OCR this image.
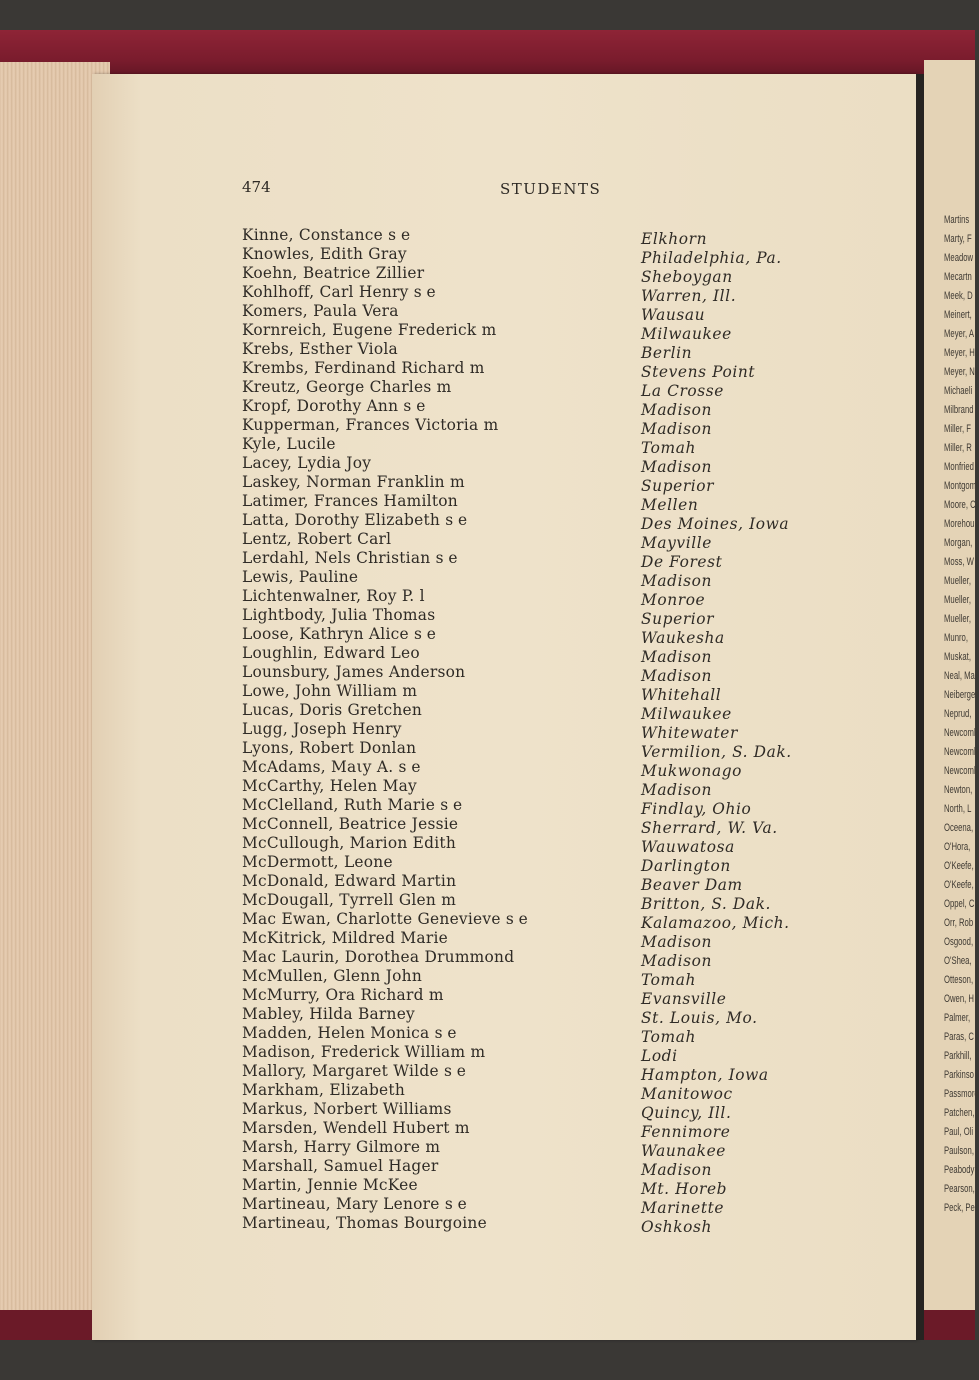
Martins
Marty, F
Meadow
Mecartn
Meek, D
Meinert,
Meyer, A
Meyer, H
Meyer, N
Michaeli
Milbrand
Miller, F
Miller, R
Monfried
Montgom
Moore, C
Morehou
Morgan,
Moss, W
Mueller,
Mueller,
Mueller,
Munro,
Muskat,
Neal, Ma
Neiberger
Neprud,
Newcomb
Newcomb
Newcomb
Newton,
North, L
Oceena,
O'Hora,
O'Keefe,
O'Keefe,
Oppel, C
Orr, Rob
Osgood,
O'Shea,
Otteson,
Owen, H
Palmer,
Paras, C
Parkhill,
Parkinso
Passmore
Patchen,
Paul, Oli
Paulson,
Peabody
Pearson,
Peck, Pe
474	STUDENTS
Kinne, Constance s e
Knowles, Edith Gray
Koehn, Beatrice Zillier
Kohlhoff, Carl Henry s e
Komers, Paula Vera
Kornreich, Eugene Frederick m
Krebs, Esther Viola
Krembs, Ferdinand Richard m
Kreutz, George Charles m
Kropf, Dorothy Ann s e
Kupperman, Frances Victoria m
Kyle, Lucile
Lacey, Lydia Joy
Laskey, Norman Franklin m
Latimer, Frances Hamilton
Latta, Dorothy Elizabeth s e
Lentz, Robert Carl
Lerdahl, Nels Christian s e
Lewis, Pauline
Lichtenwalner, Roy P. l
Lightbody, Julia Thomas
Loose, Kathryn Alice s e
Loughlin, Edward Leo
Lounsbury, James Anderson
Lowe, John William m
Lucas, Doris Gretchen
Lugg, Joseph Henry
Lyons, Robert Donlan
McAdams, Maιy A. s e
McCarthy, Helen May
McClelland, Ruth Marie s e
McConnell, Beatrice Jessie
McCullough, Marion Edith
McDermott, Leone
McDonald, Edward Martin
McDougall, Tyrrell Glen m
Mac Ewan, Charlotte Genevieve s e
McKitrick, Mildred Marie
Mac Laurin, Dorothea Drummond
McMullen, Glenn John
McMurry, Ora Richard m
Mabley, Hilda Barney
Madden, Helen Monica s e
Madison, Frederick William m
Mallory, Margaret Wilde s e
Markham, Elizabeth
Markus, Norbert Williams
Marsden, Wendell Hubert m
Marsh, Harry Gilmore m
Marshall, Samuel Hager
Martin, Jennie McKee
Martineau, Mary Lenore s e
Martineau, Thomas Bourgoine
Elkhorn
Philadelphia, Pa.
Sheboygan
Warren, Ill.
Wausau
Milwaukee
Berlin
Stevens Point
La Crosse
Madison
Madison
Tomah
Madison
Superior
Mellen
Des Moines, Iowa
Mayville
De Forest
Madison
Monroe
Superior
Waukesha
Madison
Madison
Whitehall
Milwaukee
Whitewater
Vermilion, S. Dak.
Mukwonago
Madison
Findlay, Ohio
Sherrard, W. Va.
Wauwatosa
Darlington
Beaver Dam
Britton, S. Dak.
Kalamazoo, Mich.
Madison
Madison
Tomah
Evansville
St. Louis, Mo.
Tomah
Lodi
Hampton, Iowa
Manitowoc
Quincy, Ill.
Fennimore
Waunakee
Madison
Mt. Horeb
Marinette
Oshkosh
